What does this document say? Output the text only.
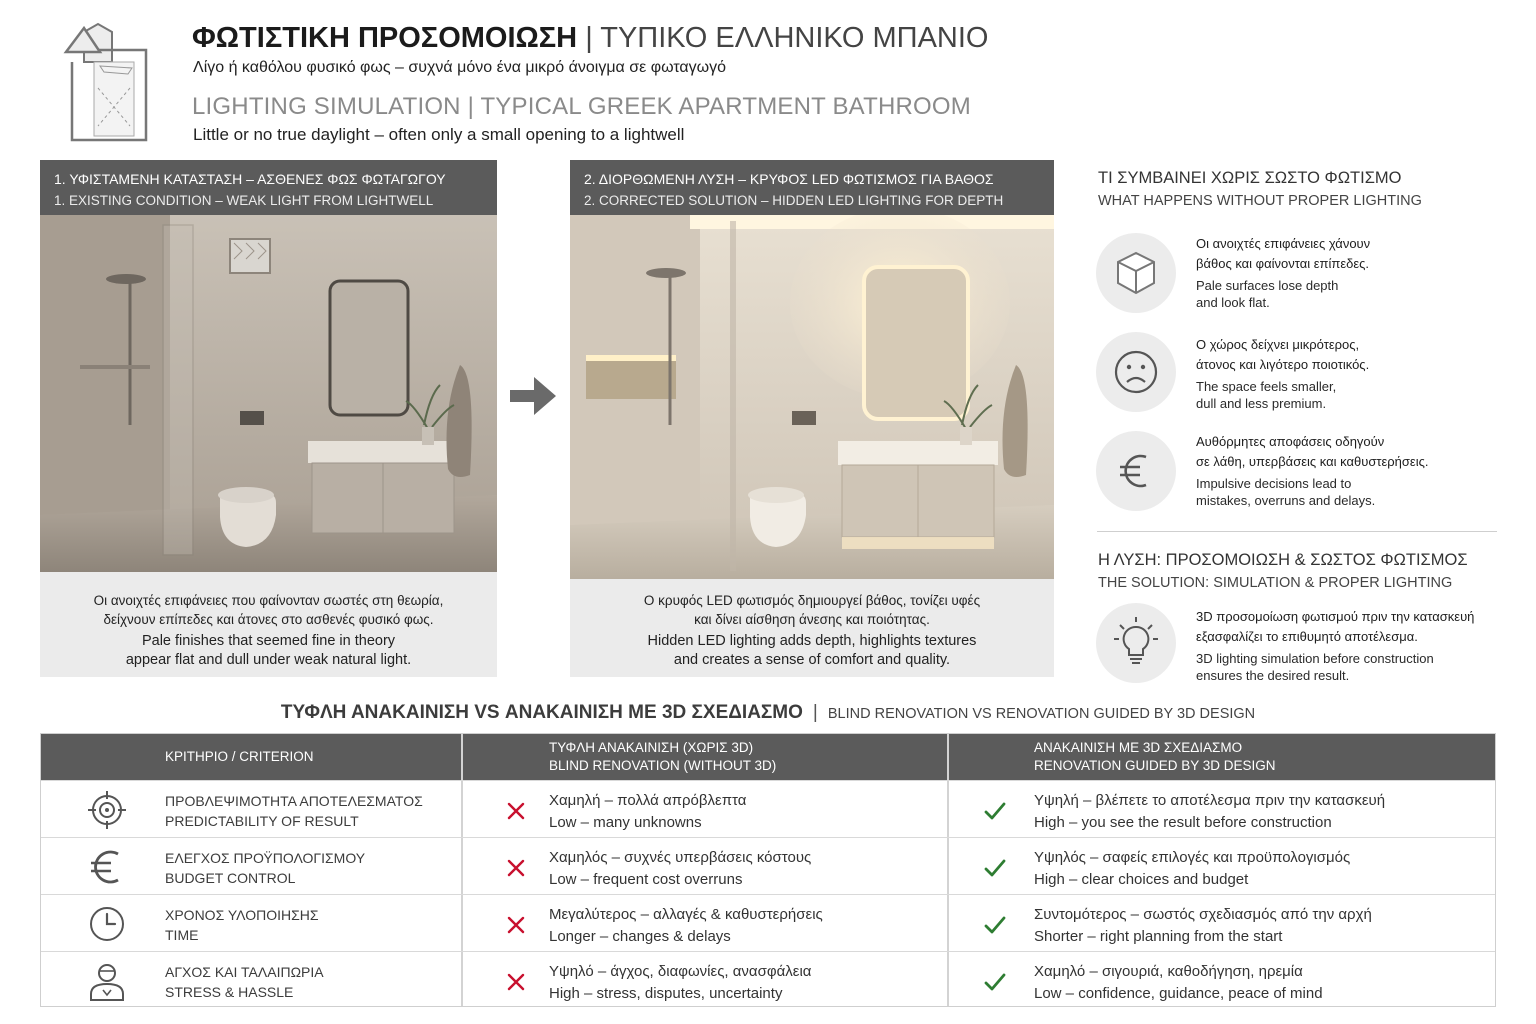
ΦΩΤΙΣΤΙΚΗ ΠΡΟΣΟΜΟΙΩΣΗ | ΤΥΠΙΚΟ ΕΛΛΗΝΙΚΟ ΜΠΑΝΙΟ
Λίγο ή καθόλου φυσικό φως – συχνά μόνο ένα μικρό άνοιγμα σε φωταγωγό
LIGHTING SIMULATION | TYPICAL GREEK APARTMENT BATHROOM
Little or no true daylight – often only a small opening to a lightwell
1. ΥΦΙΣΤΑΜΕΝΗ ΚΑΤΑΣΤΑΣΗ – ΑΣΘΕΝΕΣ ΦΩΣ ΦΩΤΑΓΩΓΟΥ
1. EXISTING CONDITION – WEAK LIGHT FROM LIGHTWELL
Οι ανοιχτές επιφάνειες που φαίνονταν σωστές στη θεωρία,
δείχνουν επίπεδες και άτονες στο ασθενές φυσικό φως.
Pale finishes that seemed fine in theory
appear flat and dull under weak natural light.
2. ΔΙΟΡΘΩΜΕΝΗ ΛΥΣΗ – ΚΡΥΦΟΣ LED ΦΩΤΙΣΜΟΣ ΓΙΑ ΒΑΘΟΣ
2. CORRECTED SOLUTION – HIDDEN LED LIGHTING FOR DEPTH
Ο κρυφός LED φωτισμός δημιουργεί βάθος, τονίζει υφές
και δίνει αίσθηση άνεσης και ποιότητας.
Hidden LED lighting adds depth, highlights textures
and creates a sense of comfort and quality.
ΤΙ ΣΥΜΒΑΙΝΕΙ ΧΩΡΙΣ ΣΩΣΤΟ ΦΩΤΙΣΜΟ
WHAT HAPPENS WITHOUT PROPER LIGHTING
Οι ανοιχτές επιφάνειες χάνουν
βάθος και φαίνονται επίπεδες.
Pale surfaces lose depth
and look flat.
Ο χώρος δείχνει μικρότερος,
άτονος και λιγότερο ποιοτικός.
The space feels smaller,
dull and less premium.
Αυθόρμητες αποφάσεις οδηγούν
σε λάθη, υπερβάσεις και καθυστερήσεις.
Impulsive decisions lead to
mistakes, overruns and delays.
Η ΛΥΣΗ: ΠΡΟΣΟΜΟΙΩΣΗ & ΣΩΣΤΟΣ ΦΩΤΙΣΜΟΣ
THE SOLUTION: SIMULATION & PROPER LIGHTING
3D προσομοίωση φωτισμού πριν την κατασκευή
εξασφαλίζει το επιθυμητό αποτέλεσμα.
3D lighting simulation before construction
ensures the desired result.
ΤΥΦΛΗ ΑΝΑΚΑΙΝΙΣΗ VS ΑΝΑΚΑΙΝΙΣΗ ΜΕ 3D ΣΧΕΔΙΑΣΜΟ | BLIND RENOVATION VS RENOVATION GUIDED BY 3D DESIGN
ΚΡΙΤΗΡΙΟ / CRITERION
ΤΥΦΛΗ ΑΝΑΚΑΙΝΙΣΗ (ΧΩΡΙΣ 3D)
BLIND RENOVATION (WITHOUT 3D)
ΑΝΑΚΑΙΝΙΣΗ ΜΕ 3D ΣΧΕΔΙΑΣΜΟ
RENOVATION GUIDED BY 3D DESIGN
ΠΡΟΒΛΕΨΙΜΟΤΗΤΑ ΑΠΟΤΕΛΕΣΜΑΤΟΣ
PREDICTABILITY OF RESULT
Χαμηλή – πολλά απρόβλεπτα
Low – many unknowns
Υψηλή – βλέπετε το αποτέλεσμα πριν την κατασκευή
High – you see the result before construction
ΕΛΕΓΧΟΣ ΠΡΟΫΠΟΛΟΓΙΣΜΟΥ
BUDGET CONTROL
Χαμηλός – συχνές υπερβάσεις κόστους
Low – frequent cost overruns
Υψηλός – σαφείς επιλογές και προϋπολογισμός
High – clear choices and budget
ΧΡΟΝΟΣ ΥΛΟΠΟΙΗΣΗΣ
TIME
Μεγαλύτερος – αλλαγές & καθυστερήσεις
Longer – changes & delays
Συντομότερος – σωστός σχεδιασμός από την αρχή
Shorter – right planning from the start
ΑΓΧΟΣ ΚΑΙ ΤΑΛΑΙΠΩΡΙΑ
STRESS & HASSLE
Υψηλό – άγχος, διαφωνίες, ανασφάλεια
High – stress, disputes, uncertainty
Χαμηλό – σιγουριά, καθοδήγηση, ηρεμία
Low – confidence, guidance, peace of mind
